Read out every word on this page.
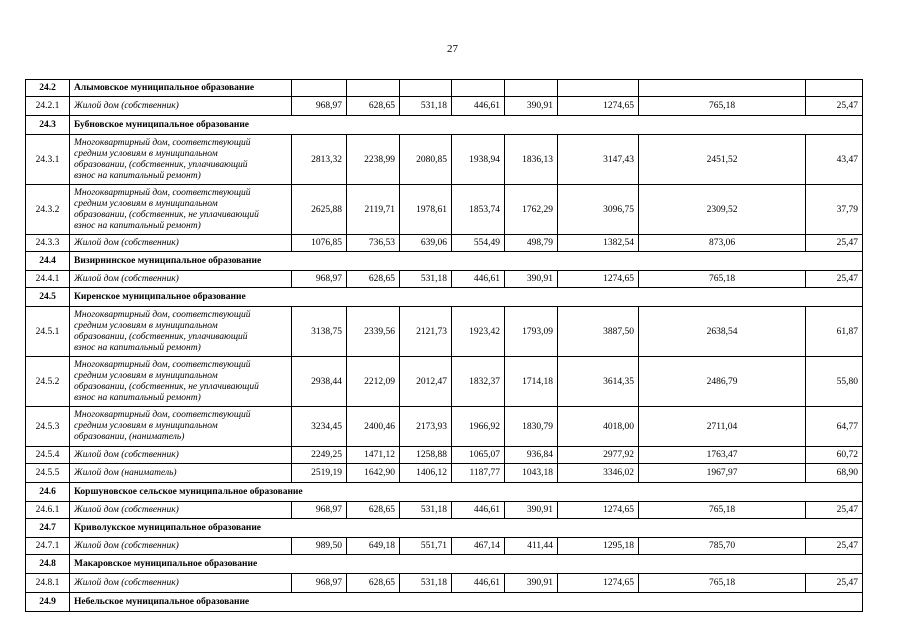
27
24.2	Алымовское муниципальное образование								
24.2.1	Жилой дом (собственник)	968,97	628,65	531,18	446,61	390,91	1274,65	765,18	25,47
24.3	Бубновское муниципальное образование								
24.3.1	Многоквартирный дом, соответствующий
средним условиям в муниципальном
образовании, (собственник, уплачивающий
взнос на капитальный ремонт)	2813,32	2238,99	2080,85	1938,94	1836,13	3147,43	2451,52	43,47
24.3.2	Многоквартирный дом, соответствующий
средним условиям в муниципальном
образовании, (собственник, не уплачивающий
взнос на капитальный ремонт)	2625,88	2119,71	1978,61	1853,74	1762,29	3096,75	2309,52	37,79
24.3.3	Жилой дом (собственник)	1076,85	736,53	639,06	554,49	498,79	1382,54	873,06	25,47
24.4	Визирнинское муниципальное образование								
24.4.1	Жилой дом (собственник)	968,97	628,65	531,18	446,61	390,91	1274,65	765,18	25,47
24.5	Киренское муниципальное образование								
24.5.1	Многоквартирный дом, соответствующий
средним условиям в муниципальном
образовании, (собственник, уплачивающий
взнос на капитальный ремонт)	3138,75	2339,56	2121,73	1923,42	1793,09	3887,50	2638,54	61,87
24.5.2	Многоквартирный дом, соответствующий
средним условиям в муниципальном
образовании, (собственник, не уплачивающий
взнос на капитальный ремонт)	2938,44	2212,09	2012,47	1832,37	1714,18	3614,35	2486,79	55,80
24.5.3	Многоквартирный дом, соответствующий
средним условиям в муниципальном
образовании, (наниматель)	3234,45	2400,46	2173,93	1966,92	1830,79	4018,00	2711,04	64,77
24.5.4	Жилой дом (собственник)	2249,25	1471,12	1258,88	1065,07	936,84	2977,92	1763,47	60,72
24.5.5	Жилой дом (наниматель)	2519,19	1642,90	1406,12	1187,77	1043,18	3346,02	1967,97	68,90
24.6	Коршуновское сельское муниципальное образование								
24.6.1	Жилой дом (собственник)	968,97	628,65	531,18	446,61	390,91	1274,65	765,18	25,47
24.7	Криволукское муниципальное образование								
24.7.1	Жилой дом (собственник)	989,50	649,18	551,71	467,14	411,44	1295,18	785,70	25,47
24.8	Макаровское муниципальное образование								
24.8.1	Жилой дом (собственник)	968,97	628,65	531,18	446,61	390,91	1274,65	765,18	25,47
24.9	Небельское муниципальное образование								
